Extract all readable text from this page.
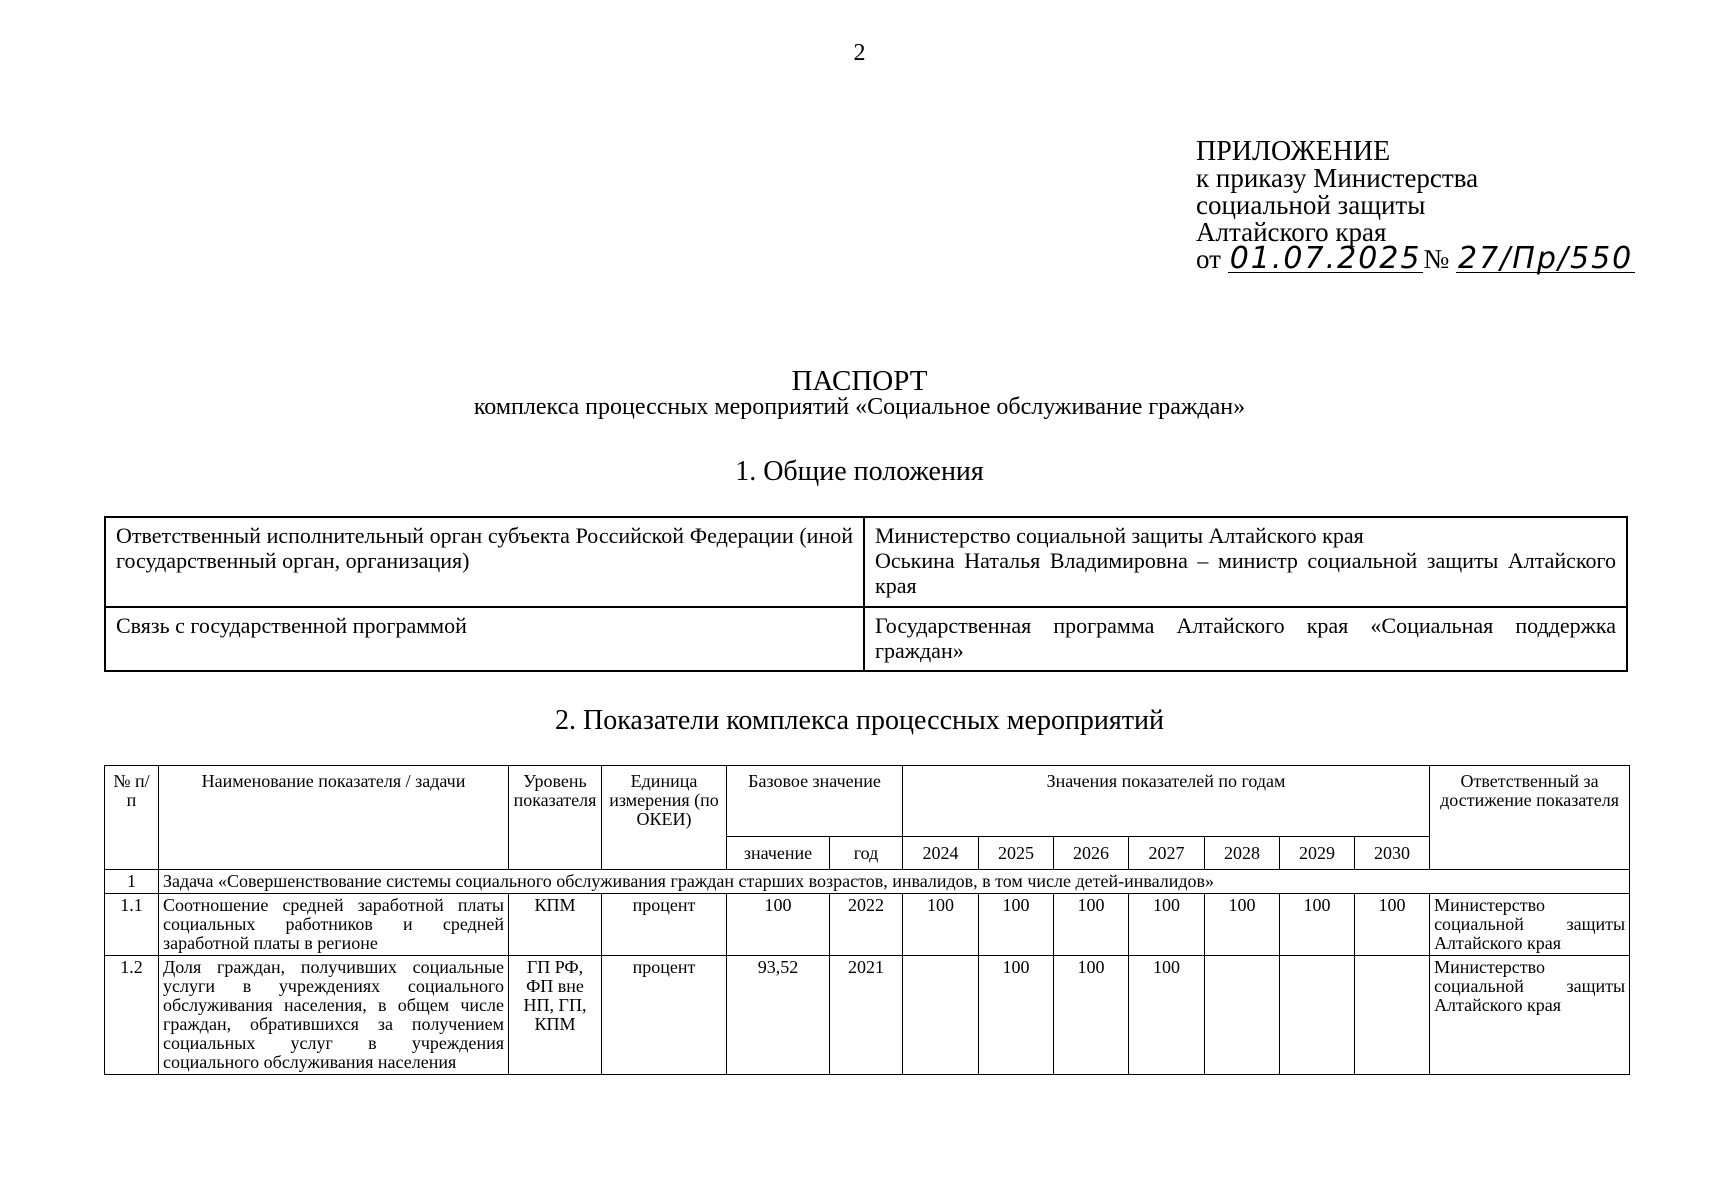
2
ПРИЛОЖЕНИЕ
к приказу Министерства
социальной защиты
Алтайского края
от
01.07.2025 №
27/Пр/550
ПАСПОРТ
комплекса процессных мероприятий «Социальное обслуживание граждан»
1. Общие положения
Ответственный исполнительный орган субъекта Российской Федерации (иной государственный орган, организация)	Министерство социальной защиты Алтайского края
Оськина Наталья Владимировна – министр социальной защиты Алтайского края

Связь с государственной программой	Государственная программа Алтайского края «Социальная поддержка граждан»
2. Показатели комплекса процессных мероприятий
№ п/п	Наименование показателя / задачи	Уровень показателя	Единица измерения (по ОКЕИ)	Базовое значение		Значения показателей по годам							Ответственный за достижение показателя
				значение	год	2024	2025	2026	2027	2028	2029	2030	
1	Задача «Совершенствование системы социального обслуживания граждан старших возрастов, инвалидов, в том числе детей-инвалидов»												
1.1	Соотношение средней заработной платы социальных работников и средней заработной платы в регионе	КПМ	процент	100	2022	100	100	100	100	100	100	100	Министерство социальной защиты Алтайского края
1.2	Доля граждан, получивших социальные услуги в учреждениях социального обслуживания населения, в общем числе граждан, обратившихся за получением социальных услуг в учреждения социального обслуживания населения	ГП РФ, ФП вне НП, ГП, КПМ	процент	93,52	2021		100	100	100				Министерство социальной защиты Алтайского края
